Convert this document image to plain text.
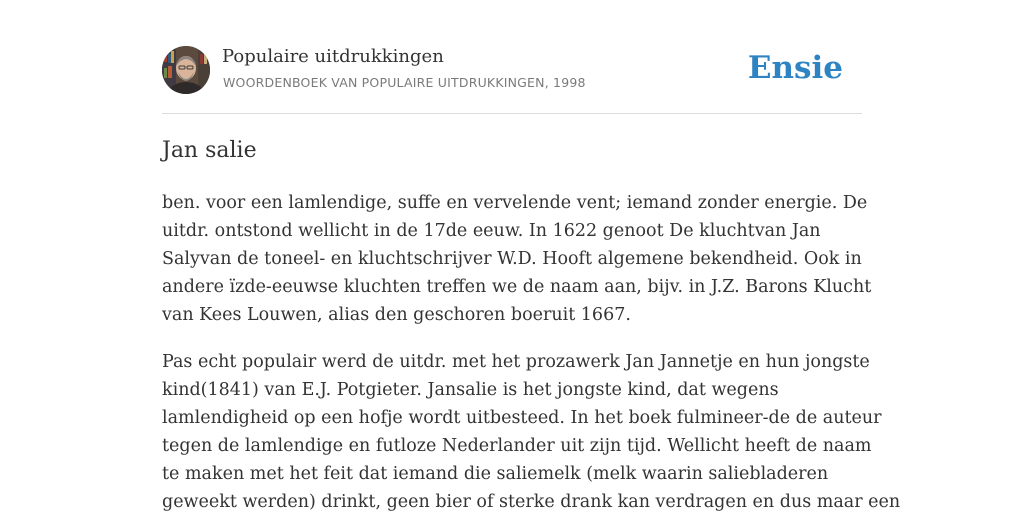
Populaire uitdrukkingen
WOORDENBOEK VAN POPULAIRE UITDRUKKINGEN, 1998	Ensie
Jan salie

ben. voor een lamlendige, suffe en vervelende vent; iemand zonder energie. De
uitdr. ontstond wellicht in de 17de eeuw. In 1622 genoot De kluchtvan Jan
Salyvan de toneel- en kluchtschrijver W.D. Hooft algemene bekendheid. Ook in
andere ïzde-eeuwse kluchten treffen we de naam aan, bijv. in J.Z. Barons Klucht
van Kees Louwen, alias den geschoren boeruit 1667.

Pas echt populair werd de uitdr. met het prozawerk Jan Jannetje en hun jongste
kind(1841) van E.J. Potgieter. Jansalie is het jongste kind, dat wegens
lamlendigheid op een hofje wordt uitbesteed. In het boek fulmineer-de de auteur
tegen de lamlendige en futloze Nederlander uit zijn tijd. Wellicht heeft de naam
te maken met het feit dat iemand die saliemelk (melk waarin saliebladeren
geweekt werden) drinkt, geen bier of sterke drank kan verdragen en dus maar een
